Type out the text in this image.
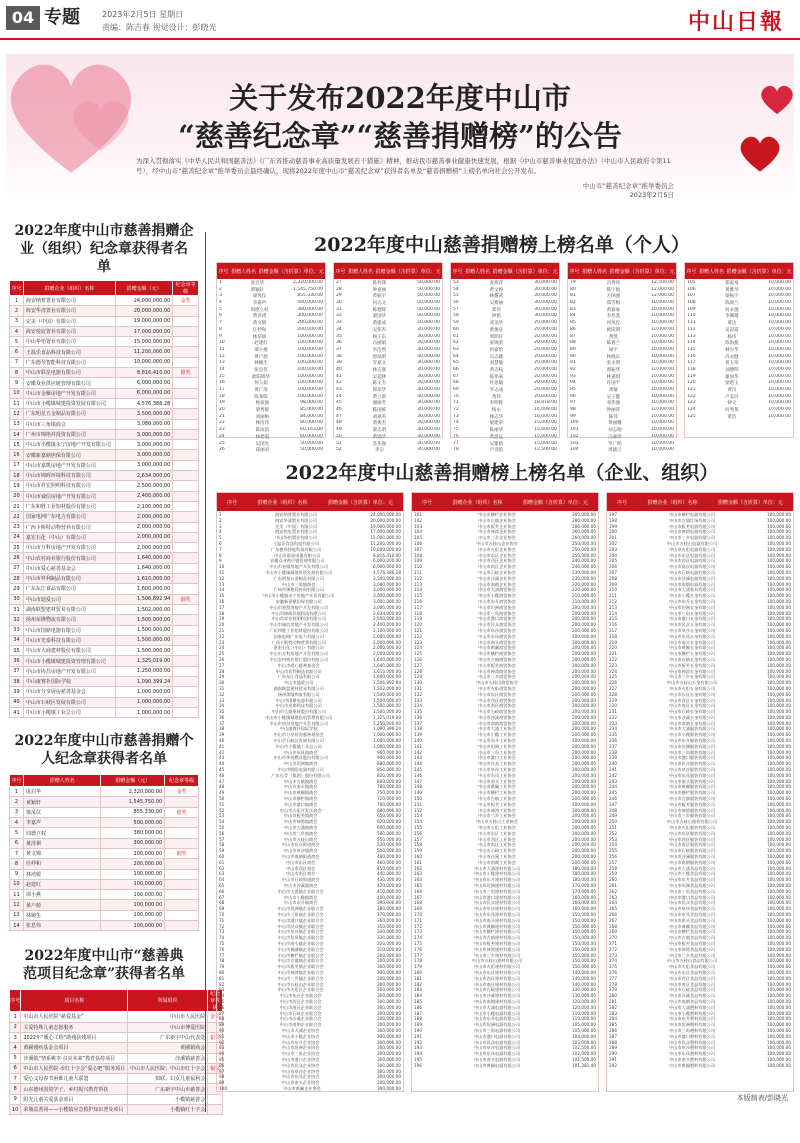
04 专题	2023年2月5日 星期日
责编：陈吉春 视觉设计：彭晓光	中山日報
关于发布2022年度中山市
“慈善纪念章”“慈善捐赠榜”的公告
为深入贯彻落实《中华人民共和国慈善法》《广东省推动慈善事业高质量发展若干措施》精神，推动我市慈善事业健康快速发展，根据《中山市慈善事业促进办法》（中山市人民政府令第11号），经中山市“慈善纪念章”推举委员会最终确认，现将2022年度中山市“慈善纪念章”获得者名单及“慈善捐赠榜”上榜名单向社会公开发布。
中山市“慈善纪念章”推举委员会
2023年2月5日
2022年度中山市慈善捐赠企业（组织）纪念章获得者名单
序号	捐赠企业（组织）名称	捐赠金额（元）	纪念章等级
1	海安纳普置业有限公司	24,000,000.00	金奖
2	海安华清置业有限公司	20,000,000.00	
3	完美（中国）有限公司	19,000,000.00	
4	海安悦宸置业有限公司	17,000,000.00	
5	中山华怡置业有限公司	15,000,000.00	
6	王温乐食品科技有限公司	11,200,000.00	
7	广东德琴智能科技有限公司	10,000,000.00	
8	中山市联星电器有限公司	8,816,410.00	银奖
9	安徽众业供应链管理有限公司	6,000,000.00	
10	中山市金雁房地产开发有限公司	6,000,000.00	
11	中山市小榄镇城建投资发展有限公司	4,576,386.28	
12	广东明星五金制品有限公司	3,500,000.00	
13	中山市三角镇商会	3,080,000.00	
14	广州市锦艳祥投资有限公司	3,000,000.00	
15	中山市小榄镇永宁房地产开发有限公司	3,000,000.00	
16	安徽新嘉鼎担保有限公司	3,000,000.00	
17	中山市嘉凯房地产开发有限公司	3,000,000.00	
18	中山市锦晖环境科技有限公司	2,634,000.00	
19	中山市祥宏照明科技有限公司	2,500,000.00	
20	中山市诚信房地产开发有限公司	2,400,000.00	
21	广东和胜工业铝材股份有限公司	2,100,000.00	
22	国家电网广东电力有限公司	2,000,000.00	
23	广西卡斯特动物营养有限公司	2,000,000.00	
24	嘉宏石化（中山）有限公司	2,000,000.00	
25	中山市万科房地产开发有限公司	2,000,000.00	
26	中山农村商业银行股份有限公司	1,640,000.00	
27	中山市爱心慈善基金会	1,640,000.00	
28	中山市祥利制品有限公司	1,610,000.00	
29	广东东江食品有限公司	1,600,000.00	
30	中山市迪爱公司	1,506,892.94	铜奖
31	湖南联盟建材贸易有限公司	1,502,000.00	
32	扬州荣隆物流有限公司	1,500,000.00	
33	中山市国鼎电器有限公司	1,500,000.00	
34	中山市光泰科技有限公司	1,500,000.00	
35	中山市大商建材股份有限公司	1,500,000.00	
36	中山市小榄镇城建投资管理有限公司	1,325,019.00	
37	中山市协昌房地产开发有限公司	1,250,000.00	
38	中山康赛扑国际学校	1,090,399.24	
39	中山市分享厨房慈善基金会	1,000,000.00	
40	中山市石岐区发展有限公司	1,000,000.00	
41	中山市小榄镇工业总公司	1,000,000.00	
2022年度中山市慈善捐赠个人纪念章获得者名单
序号	捐赠人姓名	捐赠金额（元）	纪念章等级
1	庞启华	2,320,000.00	金奖
2	黄颖轩	1,545,750.00	
3	梁凤仪	855,330.00	银奖
4	李嘉声	500,000.00	
5	周德立权	380,000.00	
6	黄泽祺	300,000.00	
7	黄文锦	200,000.00	铜奖
8	任仲和	200,000.00	
9	林培媛	100,000.00	
10	赵建红	100,000.00	
11	谭小燕	100,000.00	
12	黄户源	100,000.00	
13	林婉生	100,000.00	
14	张息伟	100,000.00	
2022年度中山市“慈善典范项目纪念章”获得者名单
序号	项目名称	所属组织	纪念章等级
1	中山市人民医院“慈爱基金”	中山市人民医院	金奖
2	关爱特殊儿童志愿服务	中山市博爱医院	
3	2022年“暖心工程”助残扶残项目	广东新宇中山代表处	银奖
4	黄圃残疾基金会项目	黄圃镇商会	
5	沙溪镇“情系桃李·点亮未来”教育扶持项目	沙溪镇慈善会	
6	中山市人民医院·市红十字会“爱心吧”服务项目	中山市人民医院；中山市红十字会	铜奖
7	爱心父母春节困难儿童大联盟	拟联、妇女儿童福利会	
8	山东德州国资学子、乡村振兴教育帮扶	广东新宇中山市慈善会	
9	阳光儿童关爱基金项目	小榄镇慈善会	
10	荣城益善同——小榄镇应急救护知识普及项目	小榄镇红十字会	
2022年度中山慈善捐赠榜上榜名单（个人）
序号 捐赠人姓名 捐赠金额（含折算）单位：元
1	庞启华	2,320,000.00
2	黄颖轩	1,545,750.00
3	梁凤仪	855,330.00
4	李嘉声	500,000.00
5	周德立权	380,000.00
6	黄泽祺	300,000.00
7	黄文锦	200,000.00
8	任仲和	200,000.00
9	林培媛	100,000.00
10	赵建红	100,000.00
11	谭小燕	100,000.00
12	黄户源	100,000.00
13	林婉生	100,000.00
14	张息伟	100,000.00
15	欧阳锦华	100,000.00
16	何玉娟	100,000.00
17	黄广涛	100,000.00
18	陈春晖	100,000.00
19	杨家强	98,000.00
20	梁秀群	85,000.00
21	刘丽梅	84,000.00
22	林洁伟	80,000.00
23	陈泳滔	60,143.00
24	林碧霞	60,000.00
25	吴国光	50,000.00
26	郑丽君	50,000.00
序号 捐赠人姓名 捐赠金额（含折算）单位：元
27	陈梓锋	50,000.00
28	钟嘉丽	50,000.00
29	黄振宇	50,000.00
30	何志文	50,000.00
31	陈德辉	50,000.00
32	梁国华	50,000.00
33	黄建成	50,000.00
34	吴伟杰	30,000.00
35	杨子东	30,000.00
36	冯丽娟	30,000.00
37	李浩然	30,000.00
38	郭灿明	30,000.00
39	罗嘉文	30,000.00
40	林志强	30,000.00
41	吴超林	30,000.00
42	陈文杰	30,000.00
43	郑荣华	30,000.00
44	黄立新	30,000.00
45	谢丽芳	30,000.00
46	陈国栋	30,000.00
47	刘翠英	30,000.00
48	黄俊杰	30,000.00
49	梁志明	30,000.00
50	黄锦华	30,000.00
51	苏伟强	30,000.00
52	李宗	30,000.00
序号 捐赠人姓名 捐赠金额（含折算）单位：元
53	麦燕萍	30,000.00
54	黄文婷	30,000.00
55	林耀武	30,000.00
56	吴雅丽	30,000.00
57	郑伟	30,000.00
58	钟铭	30,000.00
59	邓美华	20,000.00
60	黄俊彦	20,000.00
61	周明轩	20,000.00
62	张锦荣	20,000.00
63	何嘉怡	20,000.00
64	冯志雄	20,000.00
65	刘慧敏	20,000.00
66	黄志权	20,000.00
67	陈伟豪	20,000.00
68	叶思敏	20,000.00
69	罗志成	20,000.00
70	黄伟	20,000.00
71	李明辉	18,818.00
72	杨永	16,009.00
73	林志华	16,000.00
74	梁建荣	15,000.00
75	陈丽华	15,000.00
76	黄思远	15,000.00
77	吴建新	15,000.00
78	卢诗韵	12,500.00
序号 捐赠人姓名 捐赠金额（含折算）单位：元
79	冯秀珍	12,500.00
80	陈宇航	12,000.00
81	方国强	12,000.00
82	郑雪梅	10,000.00
83	黄嘉豪	10,000.00
84	李兆基	10,000.00
85	何凤仪	10,000.00
86	欧阳明	10,000.00
87	黄凯	10,000.00
88	陈秀兰	10,000.00
89	梁宇	10,000.00
90	林晓东	10,000.00
91	张永明	10,000.00
92	郭振华	10,000.00
93	林嘉琪	10,000.00
94	许国平	10,000.00
95	黄敏	10,000.00
96	吴子健	10,000.00
97	邓伟强	10,000.00
98	钟丽萍	10,000.00
99	陈伟	10,000.00
100	黄丽珊	10,000.00
101	刘志刚	10,000.00
102	冯嘉欣	10,000.00
103	罗广明	10,000.00
104	周晓云	10,000.00
序号 捐赠人姓名 捐赠金额（含折算）单位：元
105	郑家豪	10,000.00
106	黄雅琴	10,000.00
107	梁振宇	10,000.00
108	陈锦兰	10,000.00
109	何永强	10,000.00
110	李佩珊	10,000.00
111	黄达	10,000.00
112	吴彩霞	10,000.00
113	杨伟	10,000.00
114	陈海燕	10,000.00
115	林少华	10,000.00
116	冯永健	10,000.00
117	黄玉珍	10,000.00
118	刘德明	10,000.00
119	谢国华	10,000.00
120	梁碧玉	10,000.00
121	黄汉	10,000.00
122	卢美玲	10,000.00
123	钟文	10,000.00
124	何秀英	10,000.00
125	黄浩	10,000.00
2022年度中山慈善捐赠榜上榜名单（企业、组织）
序号	捐赠企业（组织）名称	捐赠金额（含折算）单位：元
1	海安纳普置业有限公司	24,000,000.00
2	海安华清置业有限公司	20,000,000.00
3	完美（中国）有限公司	19,000,000.00
4	海安悦宸置业有限公司	17,000,000.00
5	中山华怡置业有限公司	15,000,000.00
6	王温乐食品科技有限公司	11,200,000.00
7	广东德琴智能科技有限公司	10,000,000.00
8	中山市联星电器有限公司	8,816,410.00
9	安徽众业供应链管理有限公司	6,000,000.00
10	中山市金雁房地产开发有限公司	6,000,000.00
11	中山市小榄镇城建投资发展有限公司	4,576,386.28
12	广东明星五金制品有限公司	3,500,000.00
13	中山市三角镇商会	3,080,000.00
14	广州市锦艳祥投资有限公司	3,000,000.00
15	中山市小榄镇永宁房地产开发有限公司	3,000,000.00
16	安徽新嘉鼎担保有限公司	3,000,000.00
17	中山市嘉凯房地产开发有限公司	3,000,000.00
18	中山市锦晖环境科技有限公司	2,634,000.00
19	中山市祥宏照明科技有限公司	2,500,000.00
20	中山市诚信房地产开发有限公司	2,400,000.00
21	广东和胜工业铝材股份有限公司	2,100,000.00
22	国家电网广东电力有限公司	2,000,000.00
23	广西卡斯特动物营养有限公司	2,000,000.00
24	嘉宏石化（中山）有限公司	2,000,000.00
25	中山市万科房地产开发有限公司	2,000,000.00
26	中山农村商业银行股份有限公司	1,640,000.00
27	中山市爱心慈善基金会	1,640,000.00
28	中山市祥利制品有限公司	1,610,000.00
29	广东东江食品有限公司	1,600,000.00
30	中山市迪爱公司	1,506,892.94
31	湖南联盟建材贸易有限公司	1,502,000.00
32	扬州荣隆物流有限公司	1,500,000.00
33	中山市国鼎电器有限公司	1,500,000.00
34	中山市光泰科技有限公司	1,500,000.00
35	中山市大商建材股份有限公司	1,500,000.00
36	中山市小榄镇城建投资管理有限公司	1,325,019.00
37	中山市协昌房地产开发有限公司	1,250,000.00
38	中山康赛扑国际学校	1,090,399.24
39	中山市分享厨房慈善基金会	1,000,000.00
40	中山市石岐区发展有限公司	1,000,000.00
41	中山市小榄镇工业总公司	1,000,000.00
42	中山市东凤镇商会	960,000.00
43	中山市华帝燃具股份有限公司	900,000.00
44	中山市坦洲镇商会	880,000.00
45	中山市明阳电器有限公司	850,000.00
46	广东长青（集团）股份有限公司	820,000.00
47	中山市古镇镇商会	800,000.00
48	中山市南头镇商会	780,000.00
49	中山市黄圃镇商会	750,000.00
50	中山市横栏镇商会	720,000.00
51	中山市港口镇商会	700,000.00
52	中山市火炬开发区商会	680,000.00
53	中山市板芙镇商会	650,000.00
54	中山市神湾镇商会	620,000.00
55	中山市大涌镇商会	600,000.00
56	中山市三乡镇商会	580,000.00
57	中山市五桂山商会	550,000.00
58	中山市民众街道商会	520,000.00
59	中山市阜沙镇商会	500,000.00
60	中山市南朗街道商会	480,000.00
61	中山市东区商会	460,000.00
62	中山市西区商会	450,000.00
63	中山市南区商会	440,000.00
64	中山市石岐街道商会	430,000.00
65	中山市沙溪镇商会	420,000.00
66	中山市大涌镇企业联合会	410,000.00
67	中山市小榄镇商会	400,000.00
68	中山市东升镇商会	390,000.00
69	中山市坦洲镇企业联合会	380,000.00
70	中山市三角镇企业联合会	370,000.00
71	中山市港口镇企业联合会	360,000.00
72	中山市民众镇企业联合会	350,000.00
73	中山市阜沙镇企业联合会	340,000.00
74	中山市东凤镇企业联合会	330,000.00
75	中山市南头镇企业联合会	320,000.00
76	中山市黄圃镇企业联合会	310,000.00
77	中山市横栏镇企业联合会	300,000.00
78	中山市古镇镇企业联合会	300,000.00
79	中山市板芙镇企业联合会	300,000.00
80	中山市神湾镇企业联合会	300,000.00
81	中山市三乡镇企业联合会	300,000.00
82	中山市五桂山企业联合会	300,000.00
83	中山市火炬区企业联合会	300,000.00
84	中山市东区企业联合会	300,000.00
85	中山市西区企业联合会	300,000.00
86	中山市南区企业联合会	300,000.00
87	中山市石岐企业联合会	300,000.00
88	中山市沙溪企业联合会	300,000.00
89	中山市南朗企业联合会	300,000.00
90	中山市大涌企业协会	300,000.00
91	中山市小榄企业协会	300,000.00
92	中山市东升企业协会	300,000.00
93	中山市坦洲企业协会	300,000.00
94	中山市三角企业协会	300,000.00
95	中山市港口企业协会	300,000.00
96	中山市民众企业协会	300,000.00
97	中山市阜沙企业协会	300,000.00
98	中山市东凤企业协会	300,000.00
99	中山市南头企业协会	300,000.00
100	中山市黄圃企业协会	300,000.00
序号	捐赠企业（组织）名称	捐赠金额（含折算）单位：元
101	中山市横栏企业协会	300,000.00
102	中山市古镇企业协会	280,000.00
103	中山市板芙企业协会	280,000.00
104	中山市神湾企业协会	260,000.00
105	中山市三乡企业协会	260,000.00
106	中山市五桂山企业协会	250,000.00
107	中山市火炬企业协会	250,000.00
108	中山市东区企业协会	250,000.00
109	中山市西区企业协会	240,000.00
110	中山市南区企业协会	240,000.00
111	中山市石岐企业协会	230,000.00
112	中山市沙溪企业协会	230,000.00
113	中山市南朗企业协会	220,000.00
114	中山市大涌商贸协会	220,000.00
115	中山市小榄商贸协会	210,000.00
116	中山市东升商贸协会	210,000.00
117	中山市坦洲商贸协会	200,000.00
118	中山市三角商贸协会	200,000.00
119	中山市港口商贸协会	200,000.00
120	中山市民众商贸协会	200,000.00
121	中山市阜沙商贸协会	200,000.00
122	中山市东凤商贸协会	200,000.00
123	中山市南头商贸协会	200,000.00
124	中山市黄圃商贸协会	200,000.00
125	中山市横栏商贸协会	200,000.00
126	中山市古镇商贸协会	200,000.00
127	中山市板芙商贸协会	200,000.00
128	中山市神湾商贸协会	200,000.00
129	中山市三乡商贸协会	200,000.00
130	中山市五桂山商贸协会	200,000.00
131	中山市火炬商贸协会	200,000.00
132	中山市东区商贸协会	200,000.00
133	中山市西区商贸协会	200,000.00
134	中山市南区商贸协会	200,000.00
135	中山市石岐商贸协会	200,000.00
136	中山市沙溪商贸协会	200,000.00
137	中山市南朗商贸协会	200,000.00
138	中山市大涌工业协会	200,000.00
139	中山市小榄工业协会	200,000.00
140	中山市东升工业协会	200,000.00
141	中山市坦洲工业协会	200,000.00
142	中山市三角工业协会	200,000.00
143	中山市港口工业协会	200,000.00
144	中山市民众工业协会	200,000.00
145	中山市阜沙工业协会	200,000.00
146	中山市东凤工业协会	200,000.00
147	中山市南头工业协会	200,000.00
148	中山市黄圃工业协会	200,000.00
149	中山市横栏工业协会	200,000.00
150	中山市古镇工业协会	200,000.00
151	中山市板芙工业协会	200,000.00
152	中山市神湾工业协会	200,000.00
153	中山市三乡工业协会	200,000.00
154	中山市五桂山工业协会	200,000.00
155	中山市火炬工业协会	200,000.00
156	中山市东区工业协会	200,000.00
157	中山市西区工业协会	200,000.00
158	中山市南区工业协会	200,000.00
159	中山市石岐工业协会	200,000.00
160	中山市沙溪工业协会	200,000.00
161	中山市南朗工业协会	200,000.00
162	中山市大涌建材有限公司	180,000.00
163	中山市小榄建材有限公司	180,000.00
164	中山市东升建材有限公司	180,000.00
165	中山市坦洲建材有限公司	170,000.00
166	中山市三角建材有限公司	170,000.00
167	中山市港口建材有限公司	160,000.00
168	中山市民众建材有限公司	160,000.00
169	中山市阜沙建材有限公司	160,000.00
170	中山市东凤建材有限公司	150,000.00
171	中山市南头建材有限公司	150,000.00
172	中山市黄圃建材有限公司	150,000.00
173	中山市横栏建材有限公司	150,000.00
174	中山市古镇建材有限公司	150,000.00
175	中山市板芙建材有限公司	150,000.00
176	中山市神湾建材有限公司	150,000.00
177	中山市三乡建材有限公司	150,000.00
178	中山市五桂山建材有限公司	150,000.00
179	中山市火炬建材有限公司	150,000.00
180	中山市东区建材有限公司	140,000.00
181	中山市西区建材有限公司	140,000.00
182	中山市南区建材有限公司	140,000.00
183	中山市石岐建材有限公司	130,000.00
184	中山市沙溪建材有限公司	130,000.00
185	中山市南朗建材有限公司	120,000.00
186	中山市大涌电器有限公司	120,000.00
187	中山市小榄电器有限公司	110,000.00
188	中山市东升电器有限公司	110,000.00
189	中山市坦洲电器有限公司	105,000.00
190	中山市三角电器有限公司	105,000.00
191	中山市港口电器有限公司	104,000.00
192	中山市民众电器有限公司	103,000.00
193	中山市阜沙电器有限公司	102,500.00
194	中山市东凤电器有限公司	102,000.00
195	中山市南头电器有限公司	101,500.00
196	中山市黄圃电器有限公司	101,381.40
序号	捐赠企业（组织）名称	捐赠金额（含折算）单位：元
197	中山市横栏电器有限公司	100,000.00
198	中山市古镇灯饰有限公司	100,000.00
199	中山市板芙电器有限公司	100,000.00
200	中山市神湾电器有限公司	100,000.00
201	中山市三乡电器有限公司	100,000.00
202	中山市五桂山电器有限公司	100,000.00
203	中山市火炬电器有限公司	100,000.00
204	中山市东区电器有限公司	100,000.00
205	中山市西区电器有限公司	100,000.00
206	中山市南区电器有限公司	100,000.00
207	中山市石岐电器有限公司	100,000.00
208	中山市沙溪电器有限公司	100,000.00
209	中山市南朗电器有限公司	100,000.00
210	中山市大涌家具有限公司	100,000.00
211	中山市小榄五金有限公司	100,000.00
212	中山市东升五金有限公司	100,000.00
213	中山市坦洲五金有限公司	100,000.00
214	中山市三角五金有限公司	100,000.00
215	中山市港口五金有限公司	100,000.00
216	中山市民众五金有限公司	100,000.00
217	中山市阜沙五金有限公司	100,000.00
218	中山市东凤五金有限公司	100,000.00
219	中山市南头五金有限公司	100,000.00
220	中山市黄圃五金有限公司	100,000.00
221	中山市横栏五金有限公司	100,000.00
222	中山市古镇五金有限公司	100,000.00
223	中山市板芙五金有限公司	100,000.00
224	中山市神湾五金有限公司	100,000.00
225	中山市三乡五金有限公司	100,000.00
226	中山市五桂山五金有限公司	100,000.00
227	中山市火炬五金有限公司	100,000.00
228	中山市东区五金有限公司	100,000.00
229	中山市西区五金有限公司	100,000.00
230	中山市南区五金有限公司	100,000.00
231	中山市石岐五金有限公司	100,000.00
232	中山市沙溪五金有限公司	100,000.00
233	中山市南朗五金有限公司	100,000.00
234	中山市大涌服装有限公司	100,000.00
235	中山市小榄服装有限公司	100,000.00
236	中山市东升服装有限公司	100,000.00
237	中山市坦洲服装有限公司	100,000.00
238	中山市三角服装有限公司	100,000.00
239	中山市港口服装有限公司	100,000.00
240	中山市民众服装有限公司	100,000.00
241	中山市阜沙服装有限公司	100,000.00
242	中山市东凤服装有限公司	100,000.00
243	中山市南头服装有限公司	100,000.00
244	中山市黄圃服装有限公司	100,000.00
245	中山市横栏服装有限公司	100,000.00
246	中山市古镇服装有限公司	100,000.00
247	中山市板芙服装有限公司	100,000.00
248	中山市神湾服装有限公司	100,000.00
249	中山市三乡服装有限公司	100,000.00
250	中山市五桂山服装有限公司	100,000.00
251	中山市火炬服装有限公司	100,000.00
252	中山市东区服装有限公司	100,000.00
253	中山市西区服装有限公司	100,000.00
254	中山市南区服装有限公司	100,000.00
255	中山市石岐服装有限公司	100,000.00
256	中山市沙溪服装有限公司	100,000.00
257	中山市南朗服装有限公司	100,000.00
258	中山市大涌食品有限公司	100,000.00
259	中山市小榄食品有限公司	100,000.00
260	中山市东升食品有限公司	100,000.00
261	中山市坦洲食品有限公司	100,000.00
262	中山市三角食品有限公司	100,000.00
263	中山市港口食品有限公司	100,000.00
264	中山市民众食品有限公司	100,000.00
265	中山市阜沙食品有限公司	100,000.00
266	中山市东凤食品有限公司	100,000.00
267	中山市南头食品有限公司	100,000.00
268	中山市黄圃食品有限公司	100,000.00
269	中山市横栏食品有限公司	100,000.00
270	中山市古镇食品有限公司	100,000.00
271	中山市板芙食品有限公司	100,000.00
272	中山市神湾食品有限公司	100,000.00
273	中山市三乡食品有限公司	100,000.00
274	中山市五桂山食品有限公司	100,000.00
275	中山市火炬食品有限公司	100,000.00
276	中山市东区食品有限公司	100,000.00
277	中山市西区食品有限公司	100,000.00
278	中山市南区食品有限公司	100,000.00
279	中山市石岐食品有限公司	100,000.00
280	中山市沙溪食品有限公司	100,000.00
281	中山市南朗食品有限公司	100,000.00
282	中山市大涌塑料有限公司	100,000.00
283	中山市小榄塑料有限公司	100,000.00
284	中山市东升塑料有限公司	100,000.00
285	中山市坦洲塑料有限公司	100,000.00
286	中山市三角塑料有限公司	100,000.00
287	中山市港口塑料有限公司	100,000.00
288	中山市民众塑料有限公司	100,000.00
289	中山市阜沙塑料有限公司	100,000.00
290	中山市东凤塑料有限公司	100,000.00
291	中山市南头塑料有限公司	100,000.00
292	中山市黄圃塑料有限公司	100,000.00
本版制表/彭晓光
